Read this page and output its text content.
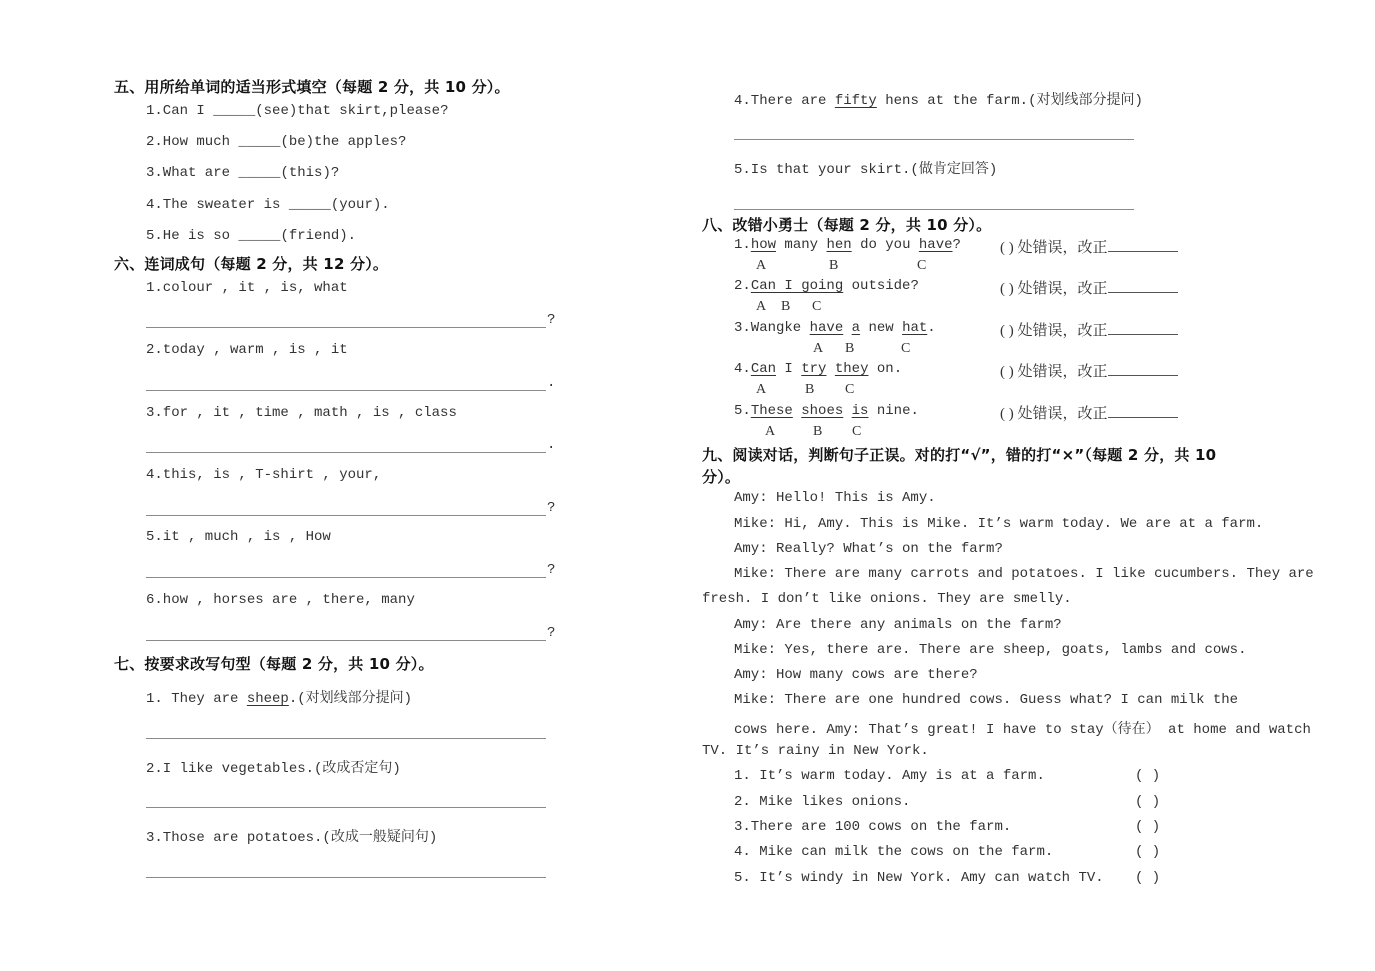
五、用所给单词的适当形式填空（每题 2 分，共 10 分）。
1.Can I _____(see)that skirt,please?
2.How much _____(be)the apples?
3.What are _____(this)?
4.The sweater is _____(your).
5.He is so _____(friend).
六、连词成句（每题 2 分，共 12 分）。
1.colour , it , is, what
?
2.today , warm , is , it
.
3.for , it , time , math , is , class
.
4.this, is , T-shirt , your,
?
5.it , much , is , How
?
6.how , horses are , there, many
?
七、按要求改写句型（每题 2 分，共 10 分）。
1. They are sheep.(对划线部分提问)
2.I like vegetables.(改成否定句)
3.Those are potatoes.(改成一般疑问句)
4.There are fifty hens at the farm.(对划线部分提问)
5.Is that your skirt.(做肯定回答)
八、改错小勇士（每题 2 分，共 10 分）。
1.how many hen do you have?
A	B	C
( ) 处错误，改正
2.Can I going outside?
A B C
( ) 处错误，改正
3.Wangke have a new hat.
A B	C
( ) 处错误，改正
4.Can I try they on.
A	B C
( ) 处错误，改正
5.These shoes is nine.
A	B C
( ) 处错误，改正
九、阅读对话，判断句子正误。对的打“√”，错的打“×”（每题 2 分，共 10
分）。
Amy: Hello! This is Amy.
Mike: Hi, Amy. This is Mike. It’s warm today. We are at a farm.
Amy: Really? What’s on the farm?
Mike: There are many carrots and potatoes. I like cucumbers. They are
fresh. I don’t like onions. They are smelly.
Amy: Are there any animals on the farm?
Mike: Yes, there are. There are sheep, goats, lambs and cows.
Amy: How many cows are there?
Mike: There are one hundred cows. Guess what? I can milk the
cows here. Amy: That’s great! I have to stay（待在） at home and watch
TV. It’s rainy in New York.
1. It’s warm today. Amy is at a farm.	( )
2. Mike likes onions.	( )
3.There are 100 cows on the farm.	( )
4. Mike can milk the cows on the farm.	( )
5. It’s windy in New York. Amy can watch TV. ( )
